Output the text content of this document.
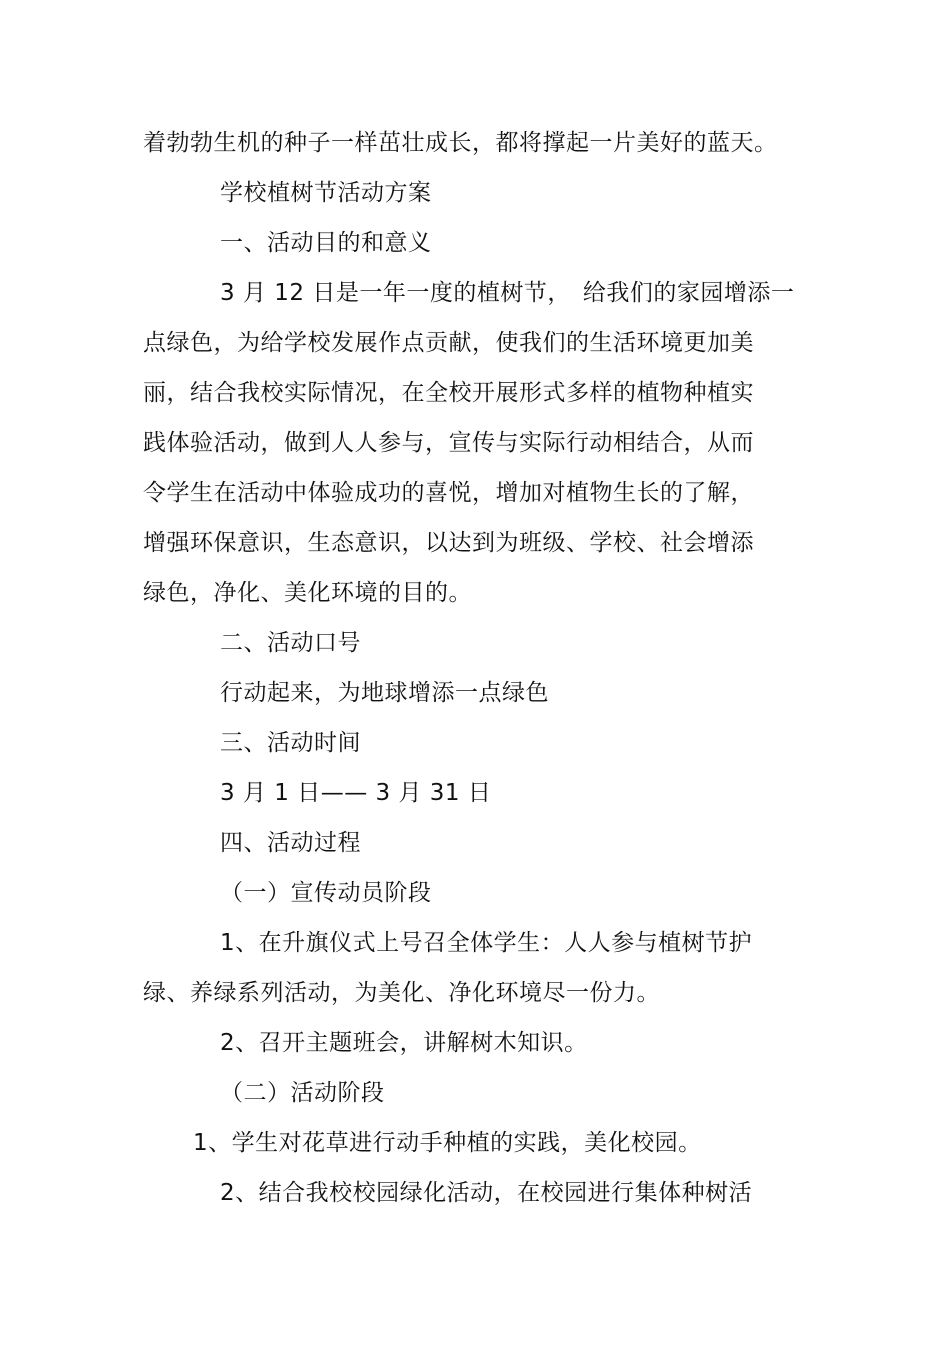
着勃勃生机的种子一样茁壮成长，都将撑起一片美好的蓝天。
学校植树节活动方案
一、活动目的和意义
3 月 12 日是一年一度的植树节，　给我们的家园增添一
点绿色，为给学校发展作点贡献，使我们的生活环境更加美
丽，结合我校实际情况，在全校开展形式多样的植物种植实
践体验活动，做到人人参与，宣传与实际行动相结合，从而
令学生在活动中体验成功的喜悦，增加对植物生长的了解，
增强环保意识，生态意识，以达到为班级、学校、社会增添
绿色，净化、美化环境的目的。
二、活动口号
行动起来，为地球增添一点绿色
三、活动时间
3 月 1 日—— 3 月 31 日
四、活动过程
（一）宣传动员阶段
1、在升旗仪式上号召全体学生：人人参与植树节护
绿、养绿系列活动，为美化、净化环境尽一份力。
2、召开主题班会，讲解树木知识。
（二）活动阶段
1、学生对花草进行动手种植的实践，美化校园。
2、结合我校校园绿化活动，在校园进行集体种树活
